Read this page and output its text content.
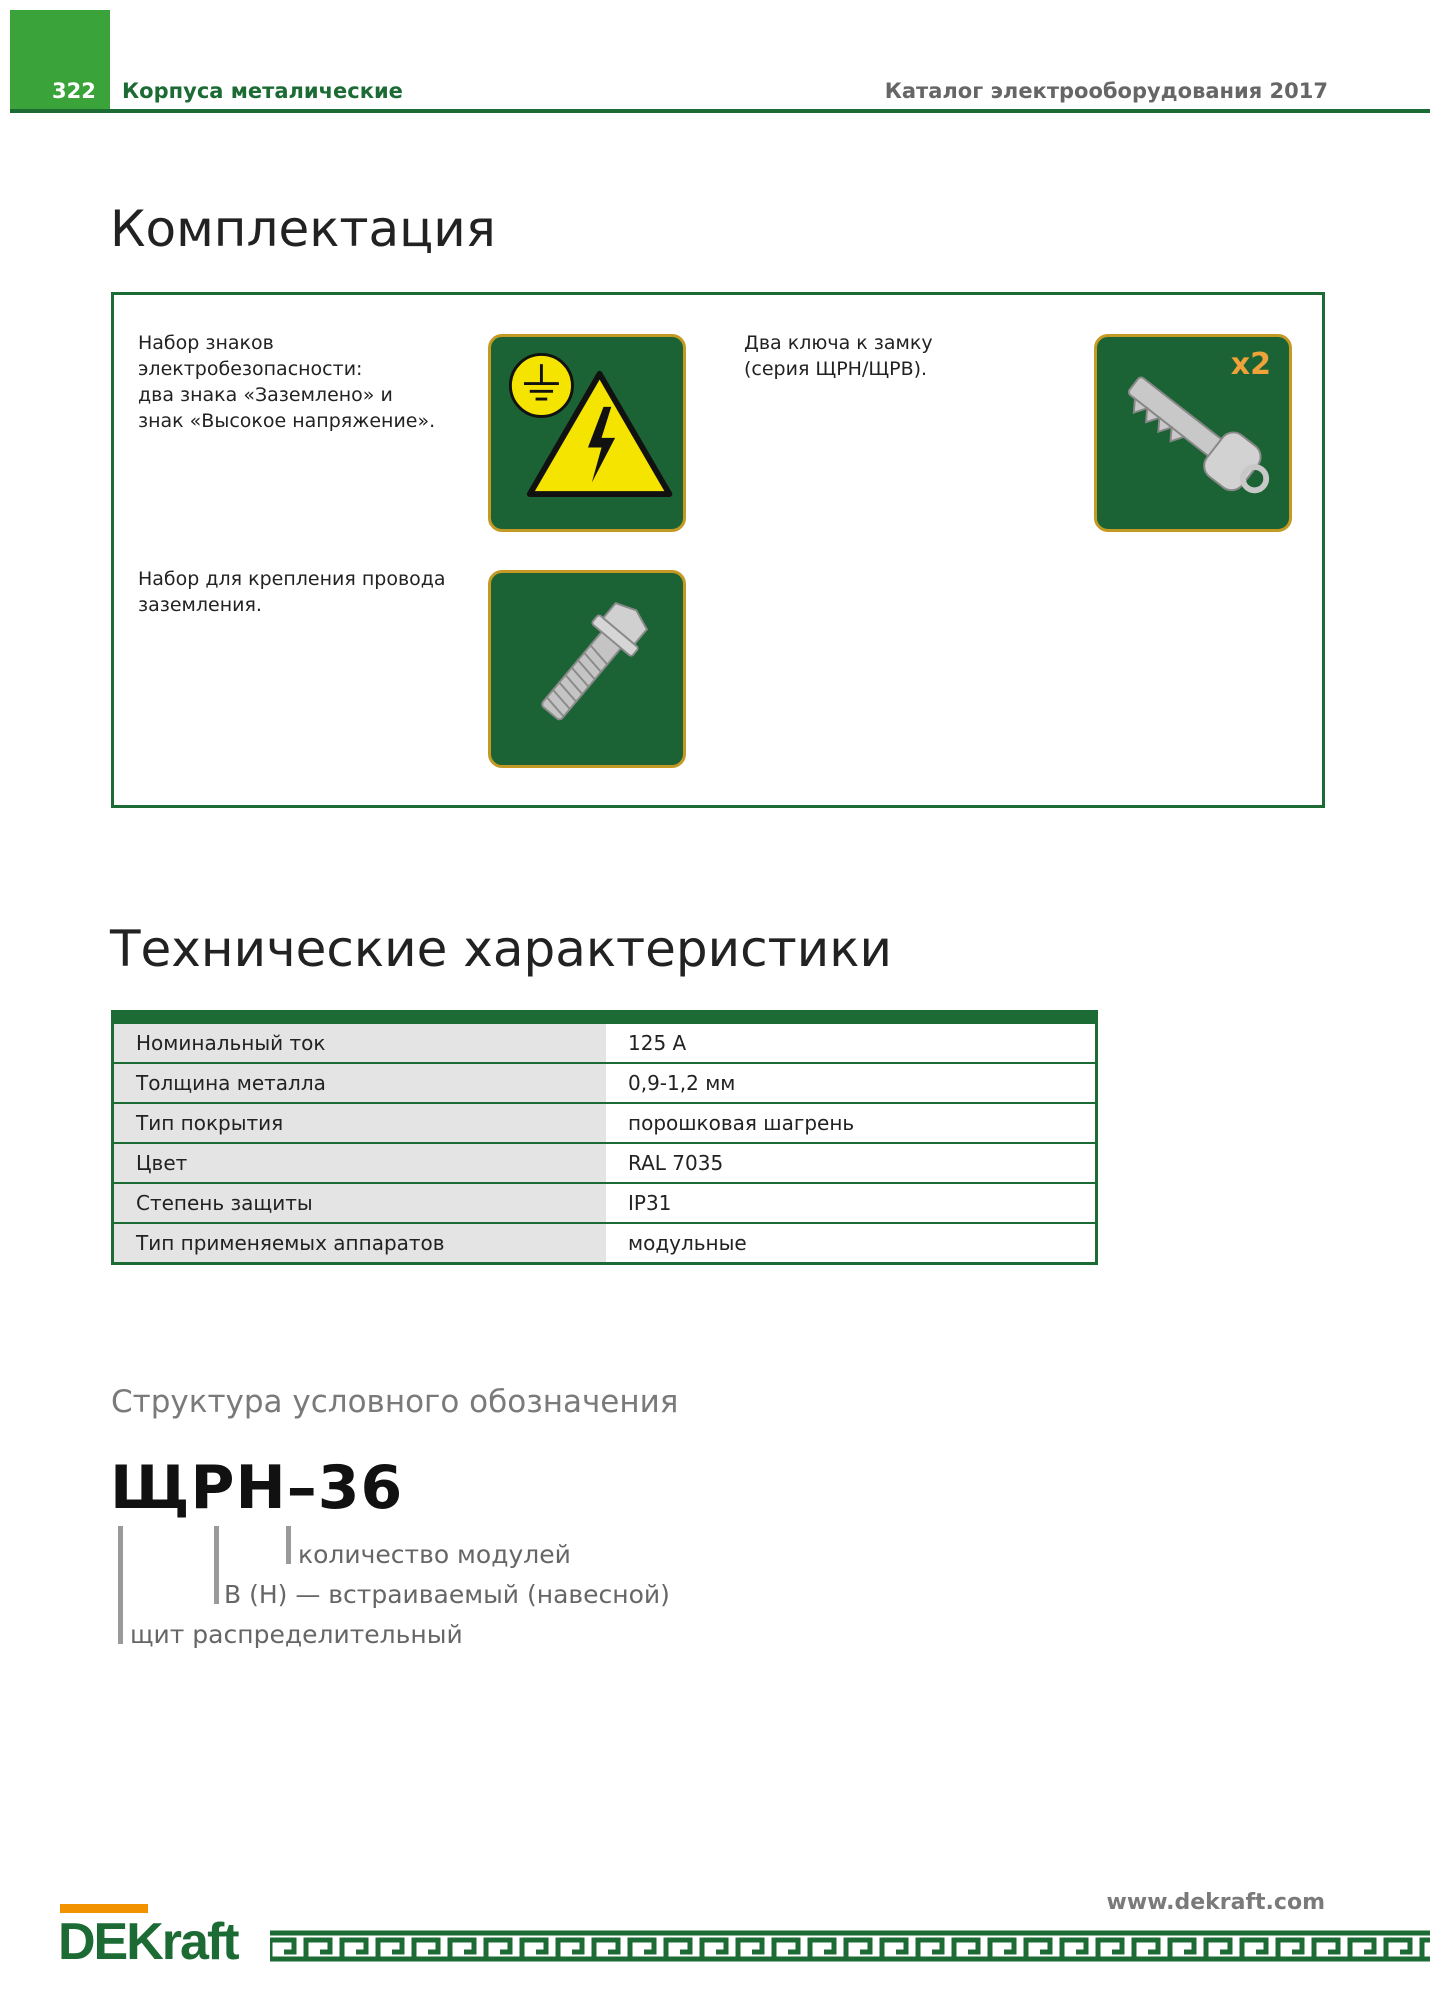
322 Корпуса металические	Каталог электрооборудования 2017
Комплектация
Набор знаков
электробезопасности:
два знака «Заземлено» и
знак «Высокое напряжение».
Два ключа к замку
(серия ЩРН/ЩРВ).	x2
Набор для крепления провода
заземления.
Технические характеристики
Номинальный ток	125 А
Толщина металла	0,9-1,2 мм
Тип покрытия	порошковая шагрень
Цвет	RAL 7035
Степень защиты	IP31
Тип применяемых аппаратов	модульные
Структура условного обозначения
ЩРН–36
количество модулей
В (Н) — встраиваемый (навесной)
щит распределительный
www.dekraft.com
DEKraft
